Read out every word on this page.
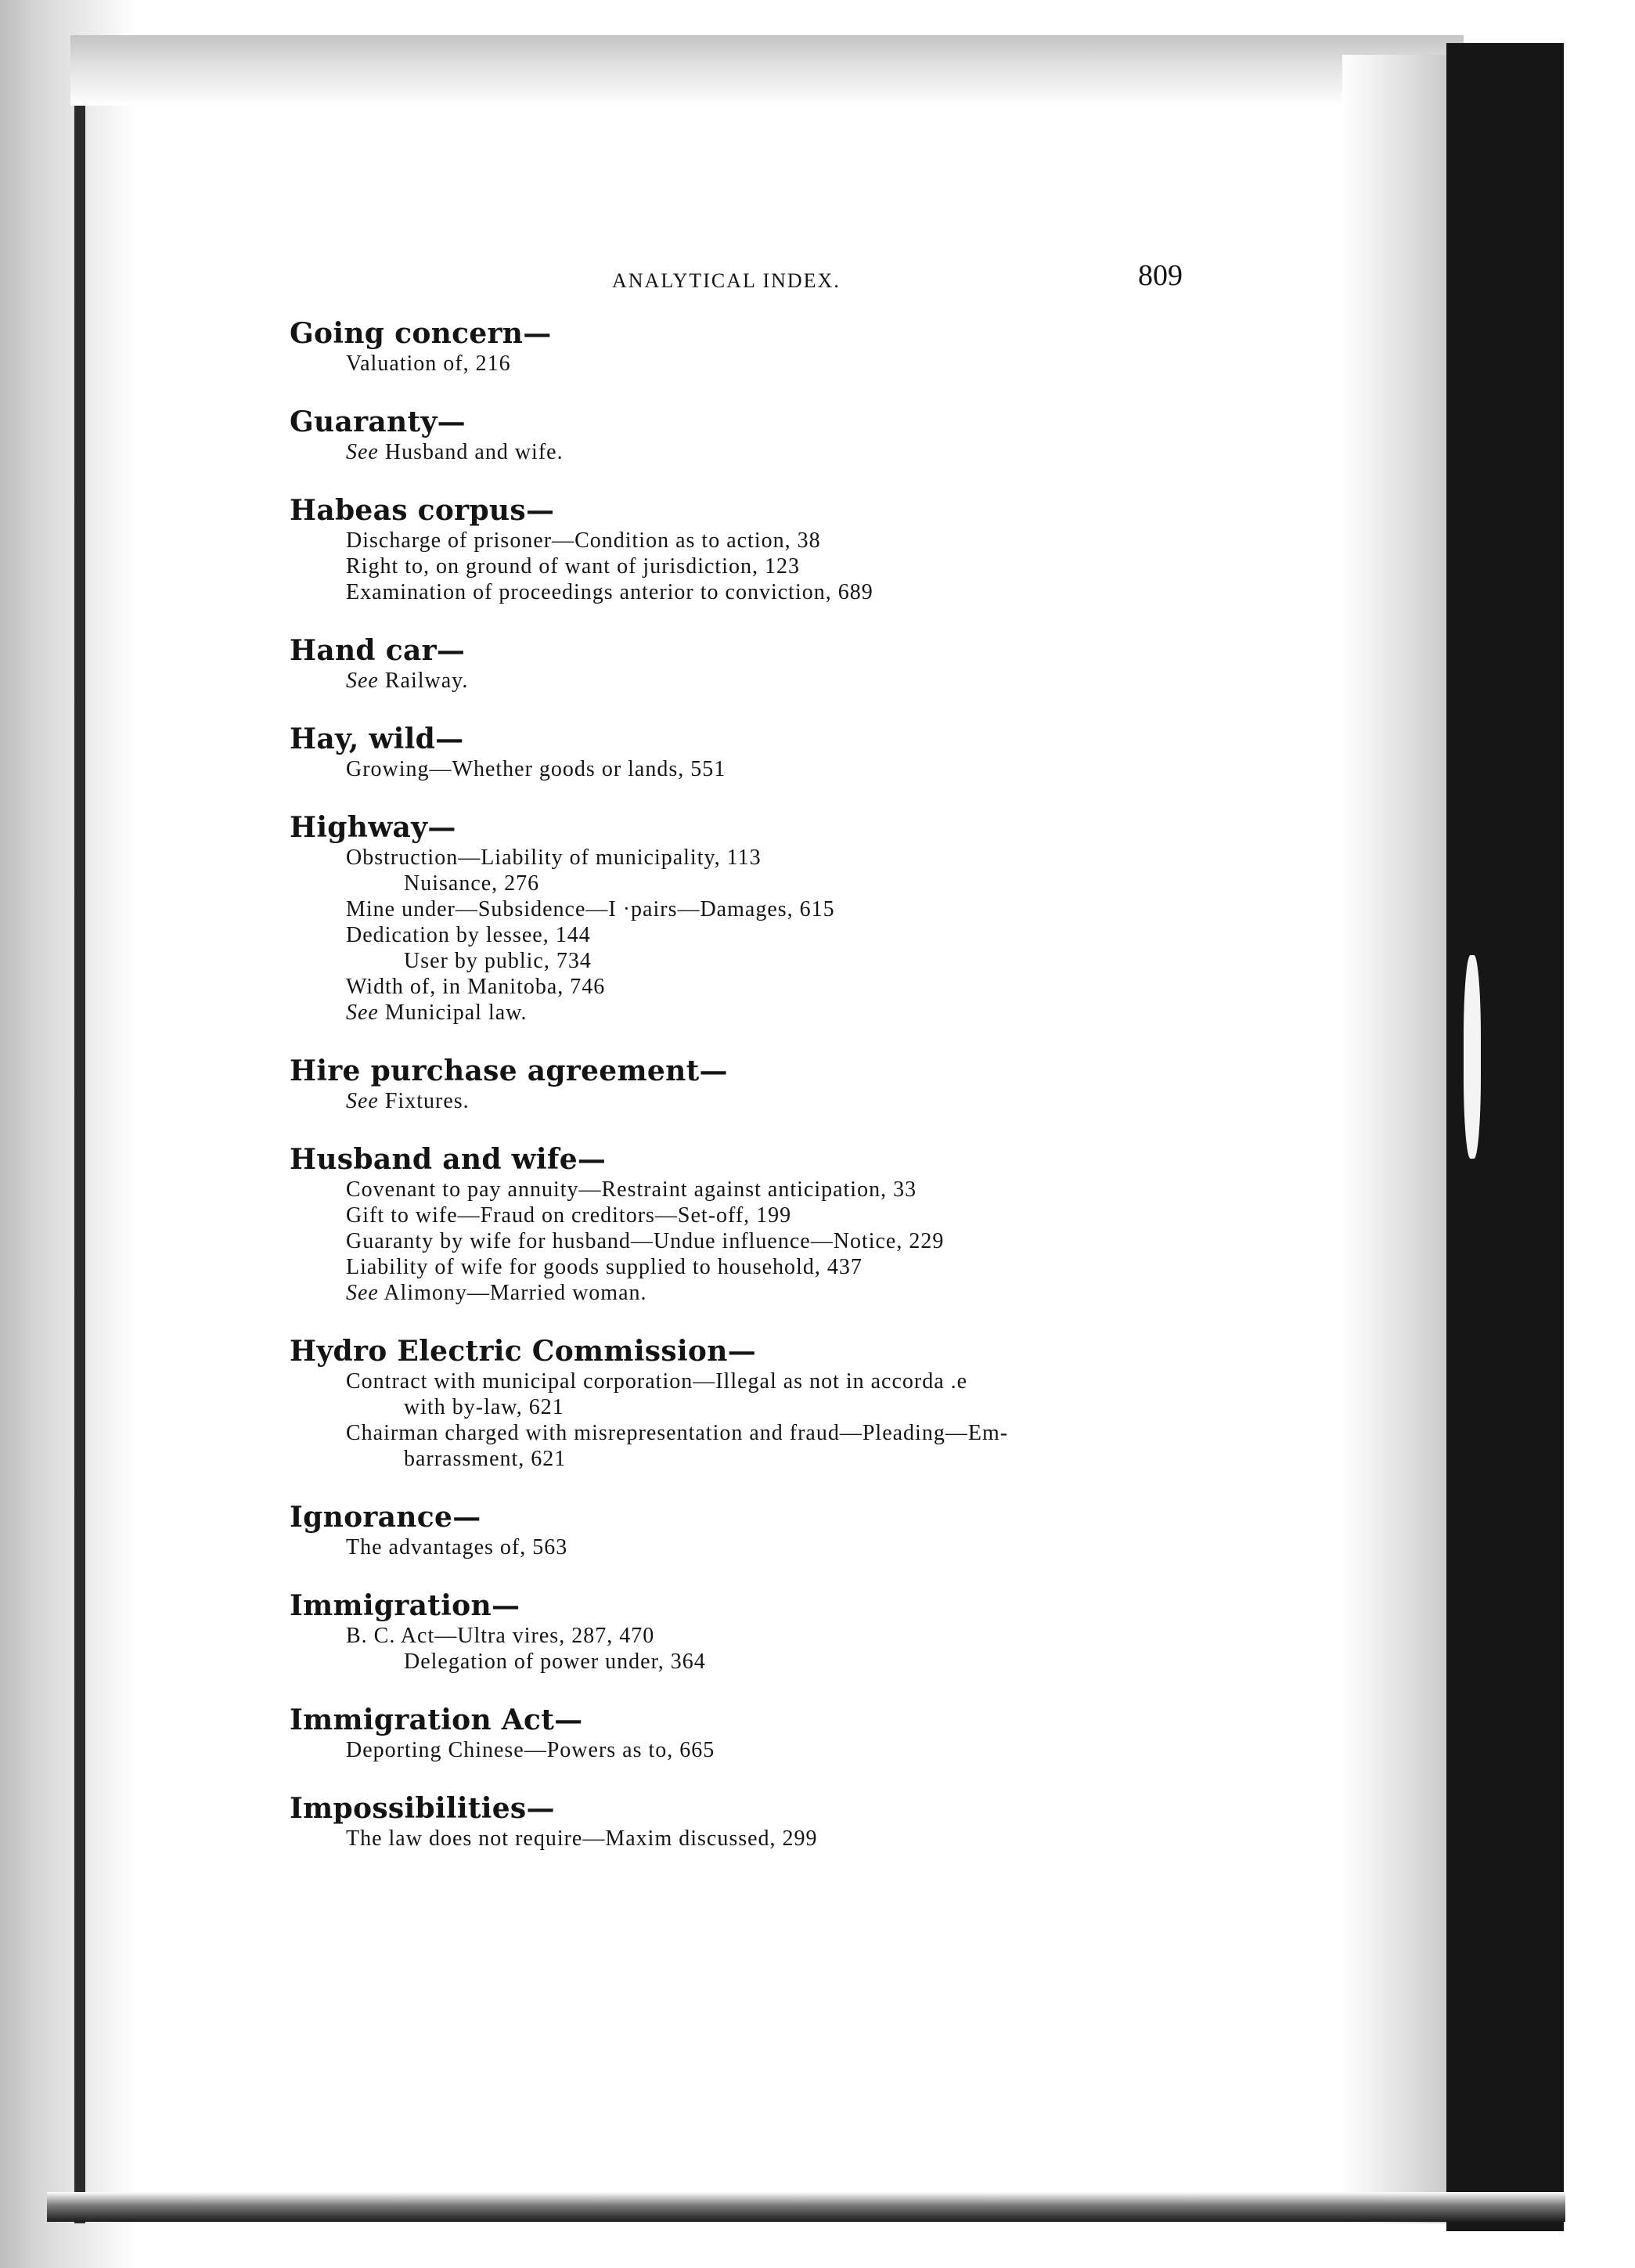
ANALYTICAL INDEX.	809
Going concern—
Valuation of, 216
Guaranty—
See Husband and wife.
Habeas corpus—
Discharge of prisoner—Condition as to action, 38
Right to, on ground of want of jurisdiction, 123
Examination of proceedings anterior to conviction, 689
Hand car—
See Railway.
Hay, wild—
Growing—Whether goods or lands, 551
Highway—
Obstruction—Liability of municipality, 113
Nuisance, 276
Mine under—Subsidence—I ·pairs—Damages, 615
Dedication by lessee, 144
User by public, 734
Width of, in Manitoba, 746
See Municipal law.
Hire purchase agreement—
See Fixtures.
Husband and wife—
Covenant to pay annuity—Restraint against anticipation, 33
Gift to wife—Fraud on creditors—Set-off, 199
Guaranty by wife for husband—Undue influence—Notice, 229
Liability of wife for goods supplied to household, 437
See Alimony—Married woman.
Hydro Electric Commission—
Contract with municipal corporation—Illegal as not in accorda .e
with by-law, 621
Chairman charged with misrepresentation and fraud—Pleading—Em-
barrassment, 621
Ignorance—
The advantages of, 563
Immigration—
B. C. Act—Ultra vires, 287, 470
Delegation of power under, 364
Immigration Act—
Deporting Chinese—Powers as to, 665
Impossibilities—
The law does not require—Maxim discussed, 299
